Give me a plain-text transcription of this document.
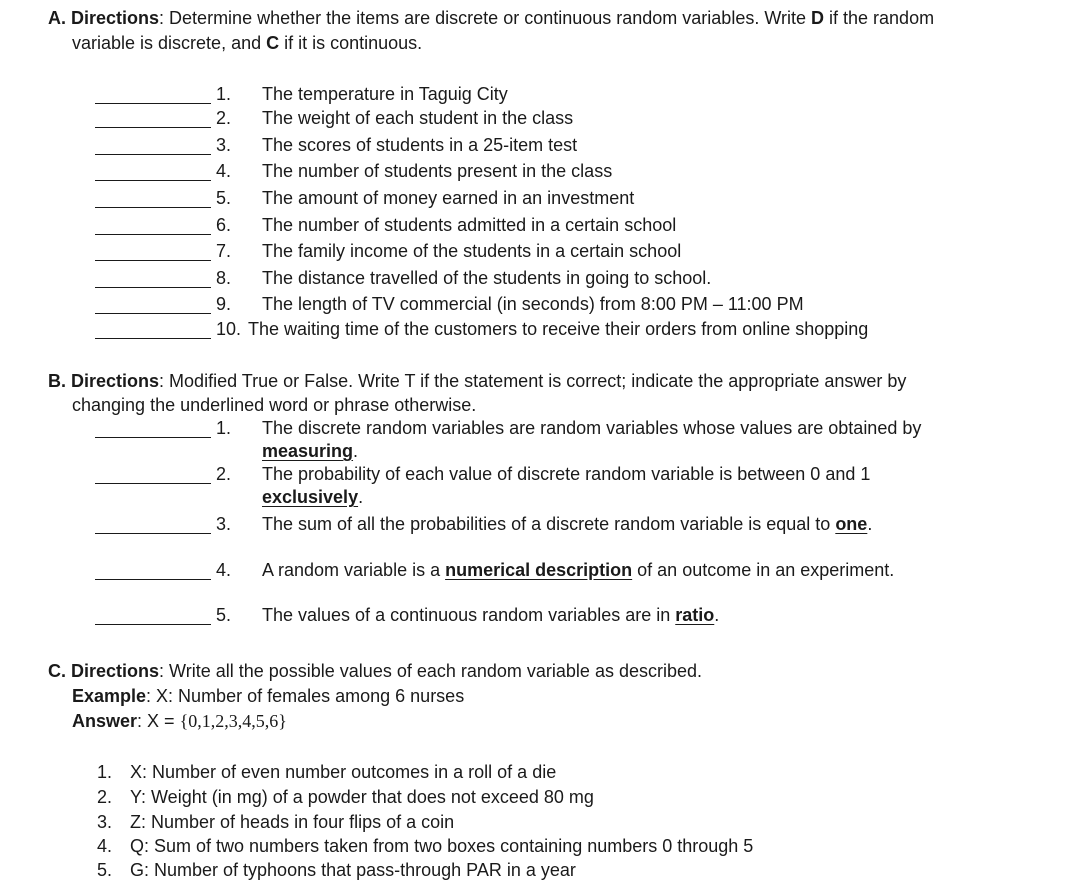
A. Directions: Determine whether the items are discrete or continuous random variables. Write D if the random
variable is discrete, and C if it is continuous.
1. The temperature in Taguig City
2. The weight of each student in the class
3. The scores of students in a 25-item test
4. The number of students present in the class
5. The amount of money earned in an investment
6. The number of students admitted in a certain school
7. The family income of the students in a certain school
8. The distance travelled of the students in going to school.
9. The length of TV commercial (in seconds) from 8:00 PM – 11:00 PM
10. The waiting time of the customers to receive their orders from online shopping
B. Directions: Modified True or False. Write T if the statement is correct; indicate the appropriate answer by
changing the underlined word or phrase otherwise.
1. The discrete random variables are random variables whose values are obtained by
measuring.
2. The probability of each value of discrete random variable is between 0 and 1
exclusively.
3. The sum of all the probabilities of a discrete random variable is equal to one.
4. A random variable is a numerical description of an outcome in an experiment.
5. The values of a continuous random variables are in ratio.
C. Directions: Write all the possible values of each random variable as described.
Example: X: Number of females among 6 nurses
Answer: X = {0,1,2,3,4,5,6}
1. X: Number of even number outcomes in a roll of a die
2. Y: Weight (in mg) of a powder that does not exceed 80 mg
3. Z: Number of heads in four flips of a coin
4. Q: Sum of two numbers taken from two boxes containing numbers 0 through 5
5. G: Number of typhoons that pass-through PAR in a year
